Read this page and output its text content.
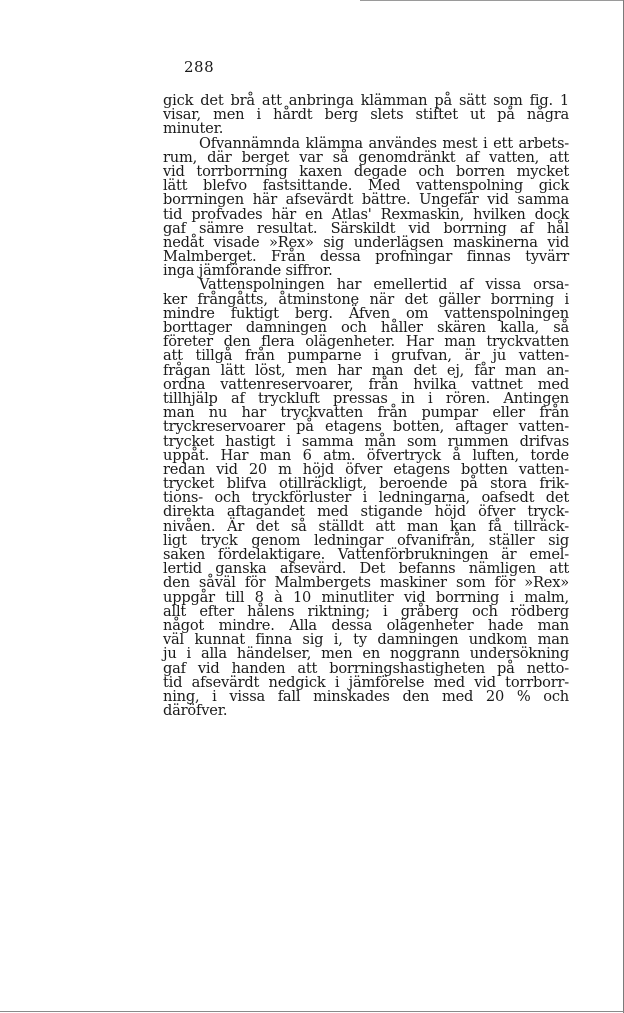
288
gick det brå att anbringa klämman på sätt som fig. 1
visar, men i hårdt berg slets stiftet ut på några
minuter.
Ofvannämnda klämma användes mest i ett arbets-
rum, där berget var så genomdränkt af vatten, att
vid torrborrning kaxen degade och borren mycket
lätt blefvo fastsittande. Med vattenspolning gick
borrningen här afsevärdt bättre. Ungefär vid samma
tid profvades här en Atlas' Rexmaskin, hvilken dock
gaf sämre resultat. Särskildt vid borrning af hål
nedåt visade »Rex» sig underlägsen maskinerna vid
Malmberget. Från dessa profningar finnas tyvärr
inga jämförande siffror.
Vattenspolningen har emellertid af vissa orsa-
ker frångåtts, åtminstone när det gäller borrning i
mindre fuktigt berg. Äfven om vattenspolningen
borttager damningen och håller skären kalla, så
företer den flera olägenheter. Har man tryckvatten
att tillgå från pumparne i grufvan, är ju vatten-
frågan lätt löst, men har man det ej, får man an-
ordna vattenreservoarer, från hvilka vattnet med
tillhjälp af tryckluft pressas in i rören. Antingen
man nu har tryckvatten från pumpar eller från
tryckreservoarer på etagens botten, aftager vatten-
trycket hastigt i samma mån som rummen drifvas
uppåt. Har man 6 atm. öfvertryck å luften, torde
redan vid 20 m höjd öfver etagens botten vatten-
trycket blifva otillräckligt, beroende på stora frik-
tions- och tryckförluster i ledningarna, oafsedt det
direkta aftagandet med stigande höjd öfver tryck-
nivåen. Är det så ställdt att man kan få tillräck-
ligt tryck genom ledningar ofvanifrån, ställer sig
saken fördelaktigare. Vattenförbrukningen är emel-
lertid ganska afsevärd. Det befanns nämligen att
den såväl för Malmbergets maskiner som för »Rex»
uppgår till 8 à 10 minutliter vid borrning i malm,
allt efter hålens riktning; i gråberg och rödberg
något mindre. Alla dessa olägenheter hade man
väl kunnat finna sig i, ty damningen undkom man
ju i alla händelser, men en noggrann undersökning
gaf vid handen att borrningshastigheten på netto-
tid afsevärdt nedgick i jämförelse med vid torrborr-
ning, i vissa fall minskades den med 20 % och
däröfver.
